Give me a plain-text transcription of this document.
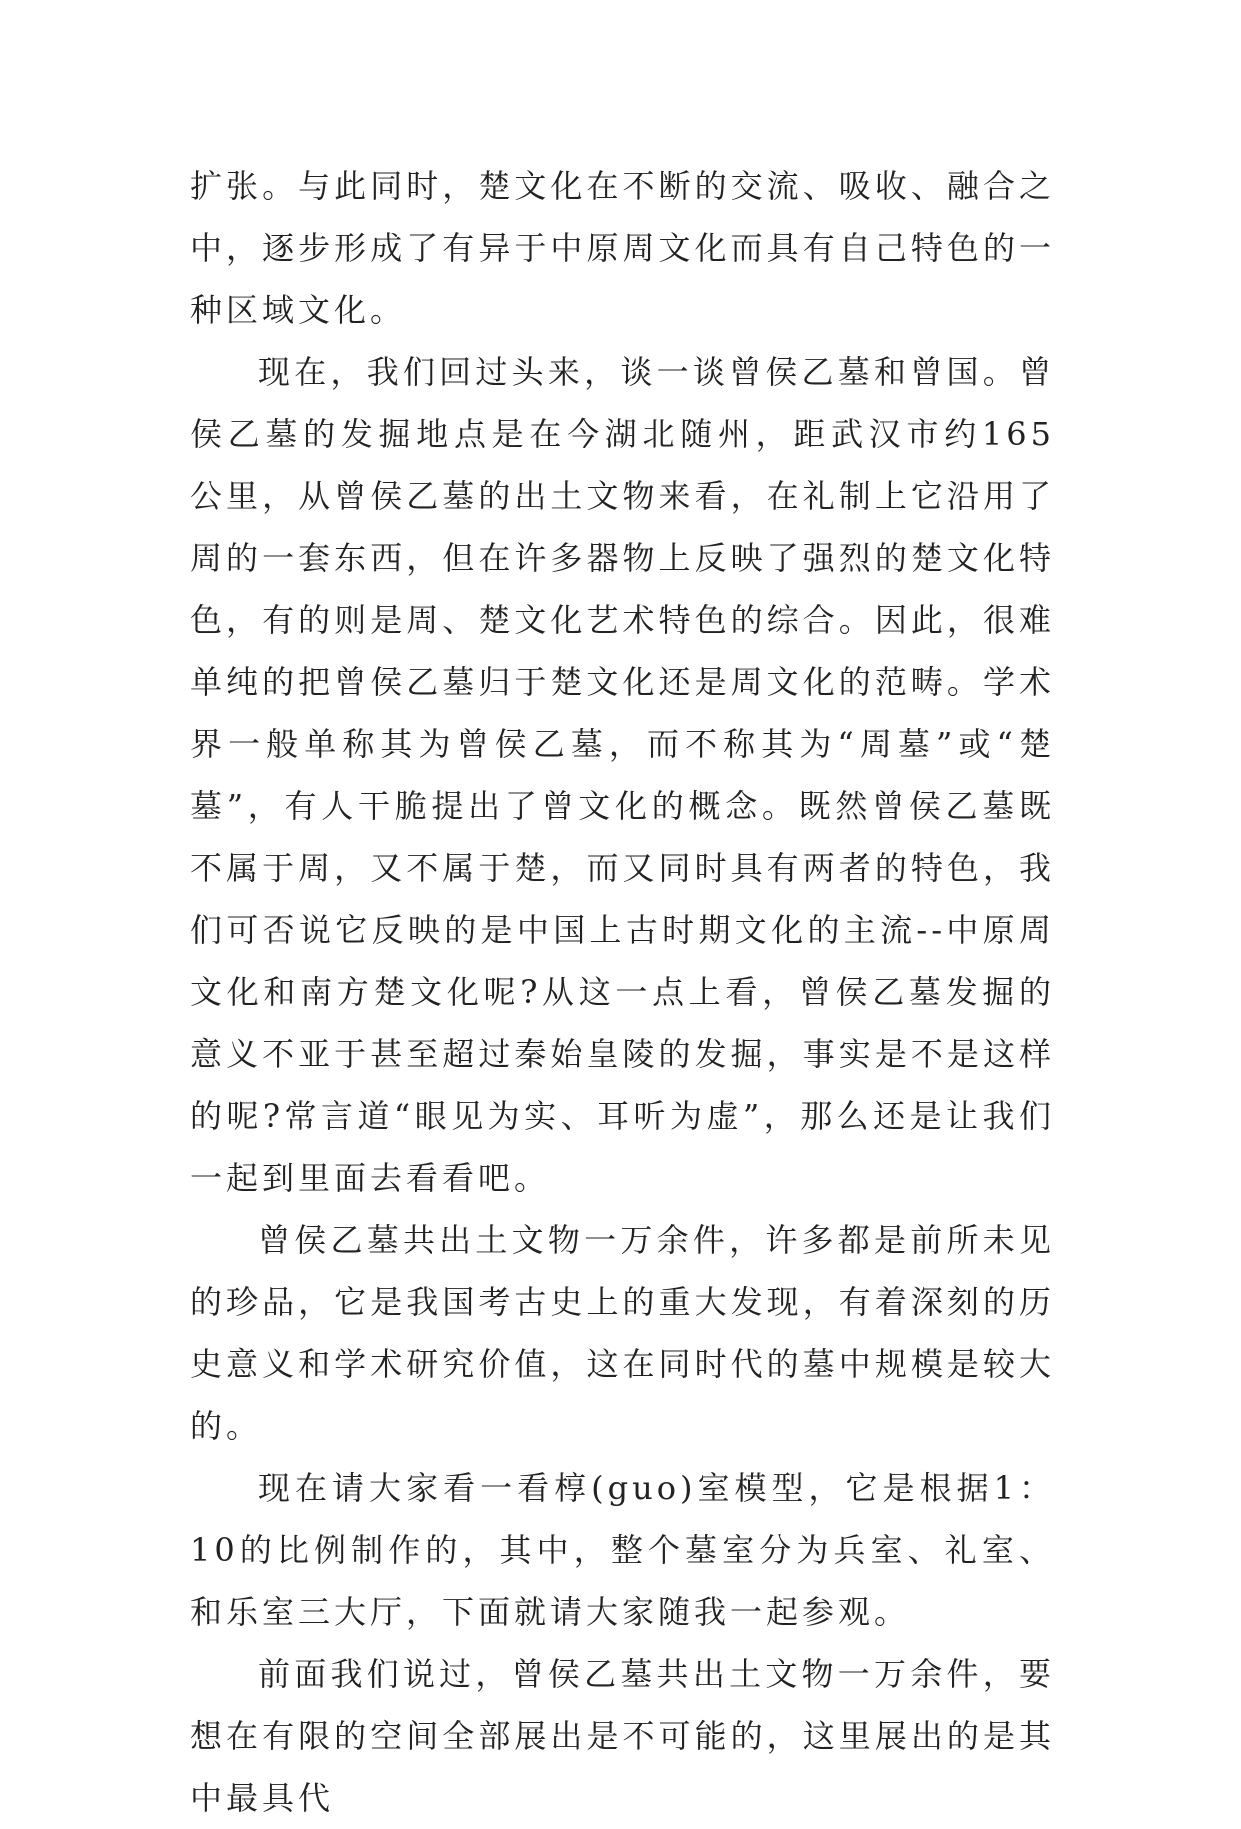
扩张。与此同时，楚文化在不断的交流、吸收、融合之中，逐步形成了有异于中原周文化而具有自己特色的一种区域文化。

现在，我们回过头来，谈一谈曾侯乙墓和曾国。曾侯乙墓的发掘地点是在今湖北随州，距武汉市约165公里，从曾侯乙墓的出土文物来看，在礼制上它沿用了周的一套东西，但在许多器物上反映了强烈的楚文化特色，有的则是周、楚文化艺术特色的综合。因此，很难单纯的把曾侯乙墓归于楚文化还是周文化的范畴。学术界一般单称其为曾侯乙墓，而不称其为“周墓”或“楚墓”，有人干脆提出了曾文化的概念。既然曾侯乙墓既不属于周，又不属于楚，而又同时具有两者的特色，我们可否说它反映的是中国上古时期文化的主流--中原周文化和南方楚文化呢?从这一点上看，曾侯乙墓发掘的意义不亚于甚至超过秦始皇陵的发掘，事实是不是这样的呢?常言道“眼见为实、耳听为虚”，那么还是让我们一起到里面去看看吧。

曾侯乙墓共出土文物一万余件，许多都是前所未见的珍品，它是我国考古史上的重大发现，有着深刻的历史意义和学术研究价值，这在同时代的墓中规模是较大的。

现在请大家看一看椁(guo)室模型，它是根据1：10的比例制作的，其中，整个墓室分为兵室、礼室、和乐室三大厅，下面就请大家随我一起参观。

前面我们说过，曾侯乙墓共出土文物一万余件，要想在有限的空间全部展出是不可能的，这里展出的是其中最具代
